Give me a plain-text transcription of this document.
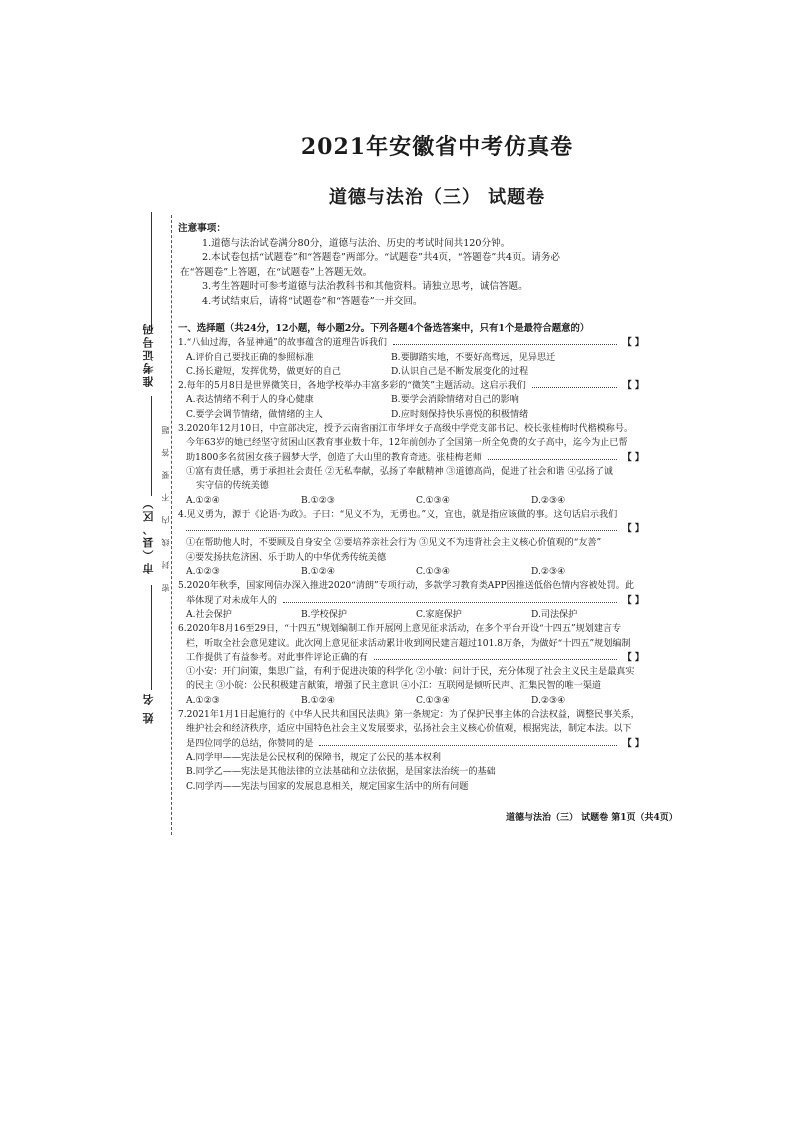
准考证号码
市（县、区）
姓 名
密 封 线 内 不 要 答 题
2021年安徽省中考仿真卷
道德与法治（三） 试题卷
注意事项：
1.道德与法治试卷满分80分，道德与法治、历史的考试时间共120分钟。
2.本试卷包括“试题卷”和“答题卷”两部分。“试题卷”共4页，“答题卷”共4页。请务必
在“答题卷”上答题，在“试题卷”上答题无效。
3.考生答题时可参考道德与法治教科书和其他资料。请独立思考，诚信答题。
4.考试结束后，请将“试题卷”和“答题卷”一并交回。
一、选择题（共24分，12小题，每小题2分。下列各题4个备选答案中，只有1个是最符合题意的）
1.“八仙过海，各显神通”的故事蕴含的道理告诉我们	【 】
A.评价自己要找正确的参照标准	B.要脚踏实地，不要好高骛远，见异思迁
C.扬长避短，发挥优势，做更好的自己	D.认识自己是不断发展变化的过程
2.每年的5月8日是世界微笑日，各地学校举办丰富多彩的“微笑”主题活动。这启示我们	【 】
A.表达情绪不利于人的身心健康	B.要学会消除情绪对自己的影响
C.要学会调节情绪，做情绪的主人	D.应时刻保持快乐喜悦的积极情绪
3.2020年12月10日，中宣部决定，授予云南省丽江市华坪女子高级中学党支部书记、校长张桂梅时代楷模称号。
今年63岁的她已经坚守贫困山区教育事业数十年，12年前创办了全国第一所全免费的女子高中，迄今为止已帮
助1800多名贫困女孩子圆梦大学，创造了大山里的教育奇迹。张桂梅老师	【 】
①富有责任感，勇于承担社会责任 ②无私奉献，弘扬了奉献精神 ③道德高尚，促进了社会和谐 ④弘扬了诚
实守信的传统美德
A.①②④	B.①②③	C.①③④	D.②③④
4.见义勇为，源于《论语·为政》。子曰：“见义不为，无勇也。”义，宜也，就是指应该做的事。这句话启示我们
【 】
①在帮助他人时，不要顾及自身安全 ②要培养亲社会行为 ③见义不为违背社会主义核心价值观的“友善”
④要发扬扶危济困、乐于助人的中华优秀传统美德
A.①②③	B.①②④	C.①③④	D.②③④
5.2020年秋季，国家网信办深入推进2020“清朗”专项行动，多款学习教育类APP因推送低俗色情内容被处罚。此
举体现了对未成年人的	【 】
A.社会保护	B.学校保护	C.家庭保护	D.司法保护
6.2020年8月16至29日，“十四五”规划编制工作开展网上意见征求活动，在多个平台开设“十四五”规划建言专
栏，听取全社会意见建议。此次网上意见征求活动累计收到网民建言超过101.8万条，为做好“十四五”规划编制
工作提供了有益参考。对此事件评论正确的有	【 】
①小安：开门问策，集思广益，有利于促进决策的科学化 ②小敏：问计于民，充分体现了社会主义民主是最真实
的民主 ③小皖：公民积极建言献策，增强了民主意识 ④小江：互联网是倾听民声、汇集民智的唯一渠道
A.①②③	B.①②④	C.①③④	D.②③④
7.2021年1月1日起施行的《中华人民共和国民法典》第一条规定：为了保护民事主体的合法权益，调整民事关系，
维护社会和经济秩序，适应中国特色社会主义发展要求，弘扬社会主义核心价值观，根据宪法，制定本法。以下
是四位同学的总结，你赞同的是	【 】
A.同学甲——宪法是公民权利的保障书，规定了公民的基本权利
B.同学乙——宪法是其他法律的立法基础和立法依据，是国家法治统一的基础
C.同学丙——宪法与国家的发展息息相关，规定国家生活中的所有问题
道德与法治（三） 试题卷 第1页（共4页）
